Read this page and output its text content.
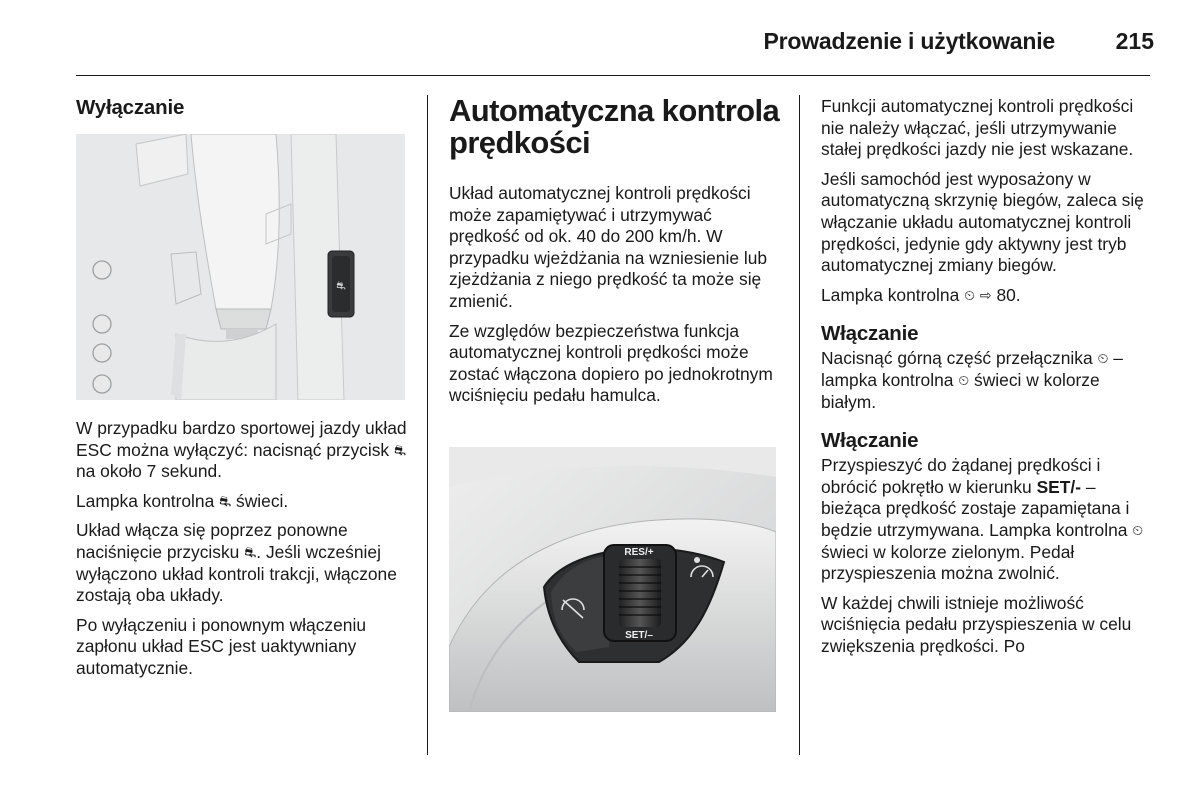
Prowadzenie i użytkowanie	215
Wyłączanie
⛐

W przypadku bardzo sportowej jazdy układ ESC można wyłączyć: nacisnąć przycisk ⛐ na około 7 sekund.

Lampka kontrolna ⛐ świeci.

Układ włącza się poprzez ponowne naciśnięcie przycisku ⛐. Jeśli wcześniej wyłączono układ kontroli trakcji, włączone zostają oba układy.

Po wyłączeniu i ponownym włączeniu zapłonu układ ESC jest uaktywniany automatycznie.

Automatyczna kontrola prędkości

Układ automatycznej kontroli prędkości może zapamiętywać i utrzymywać prędkość od ok. 40 do 200 km/h. W przypadku wjeżdżania na wzniesienie lub zjeżdżania z niego prędkość ta może się zmienić.

Ze względów bezpieczeństwa funkcja automatycznej kontroli prędkości może zostać włączona dopiero po jednokrotnym wciśnięciu pedału hamulca.

RES/+
SET/–

Funkcji automatycznej kontroli prędkości nie należy włączać, jeśli utrzymywanie stałej prędkości jazdy nie jest wskazane.

Jeśli samochód jest wyposażony w automatyczną skrzynię biegów, zaleca się włączanie układu automatycznej kontroli prędkości, jedynie gdy aktywny jest tryb automatycznej zmiany biegów.

Lampka kontrolna ⏲ ⇨ 80.

Włączanie

Nacisnąć górną część przełącznika ⏲ – lampka kontrolna ⏲ świeci w kolorze białym.

Włączanie

Przyspieszyć do żądanej prędkości i obrócić pokrętło w kierunku SET/- – bieżąca prędkość zostaje zapamiętana i będzie utrzymywana. Lampka kontrolna ⏲ świeci w kolorze zielonym. Pedał przyspieszenia można zwolnić.

W każdej chwili istnieje możliwość wciśnięcia pedału przyspieszenia w celu zwiększenia prędkości. Po
